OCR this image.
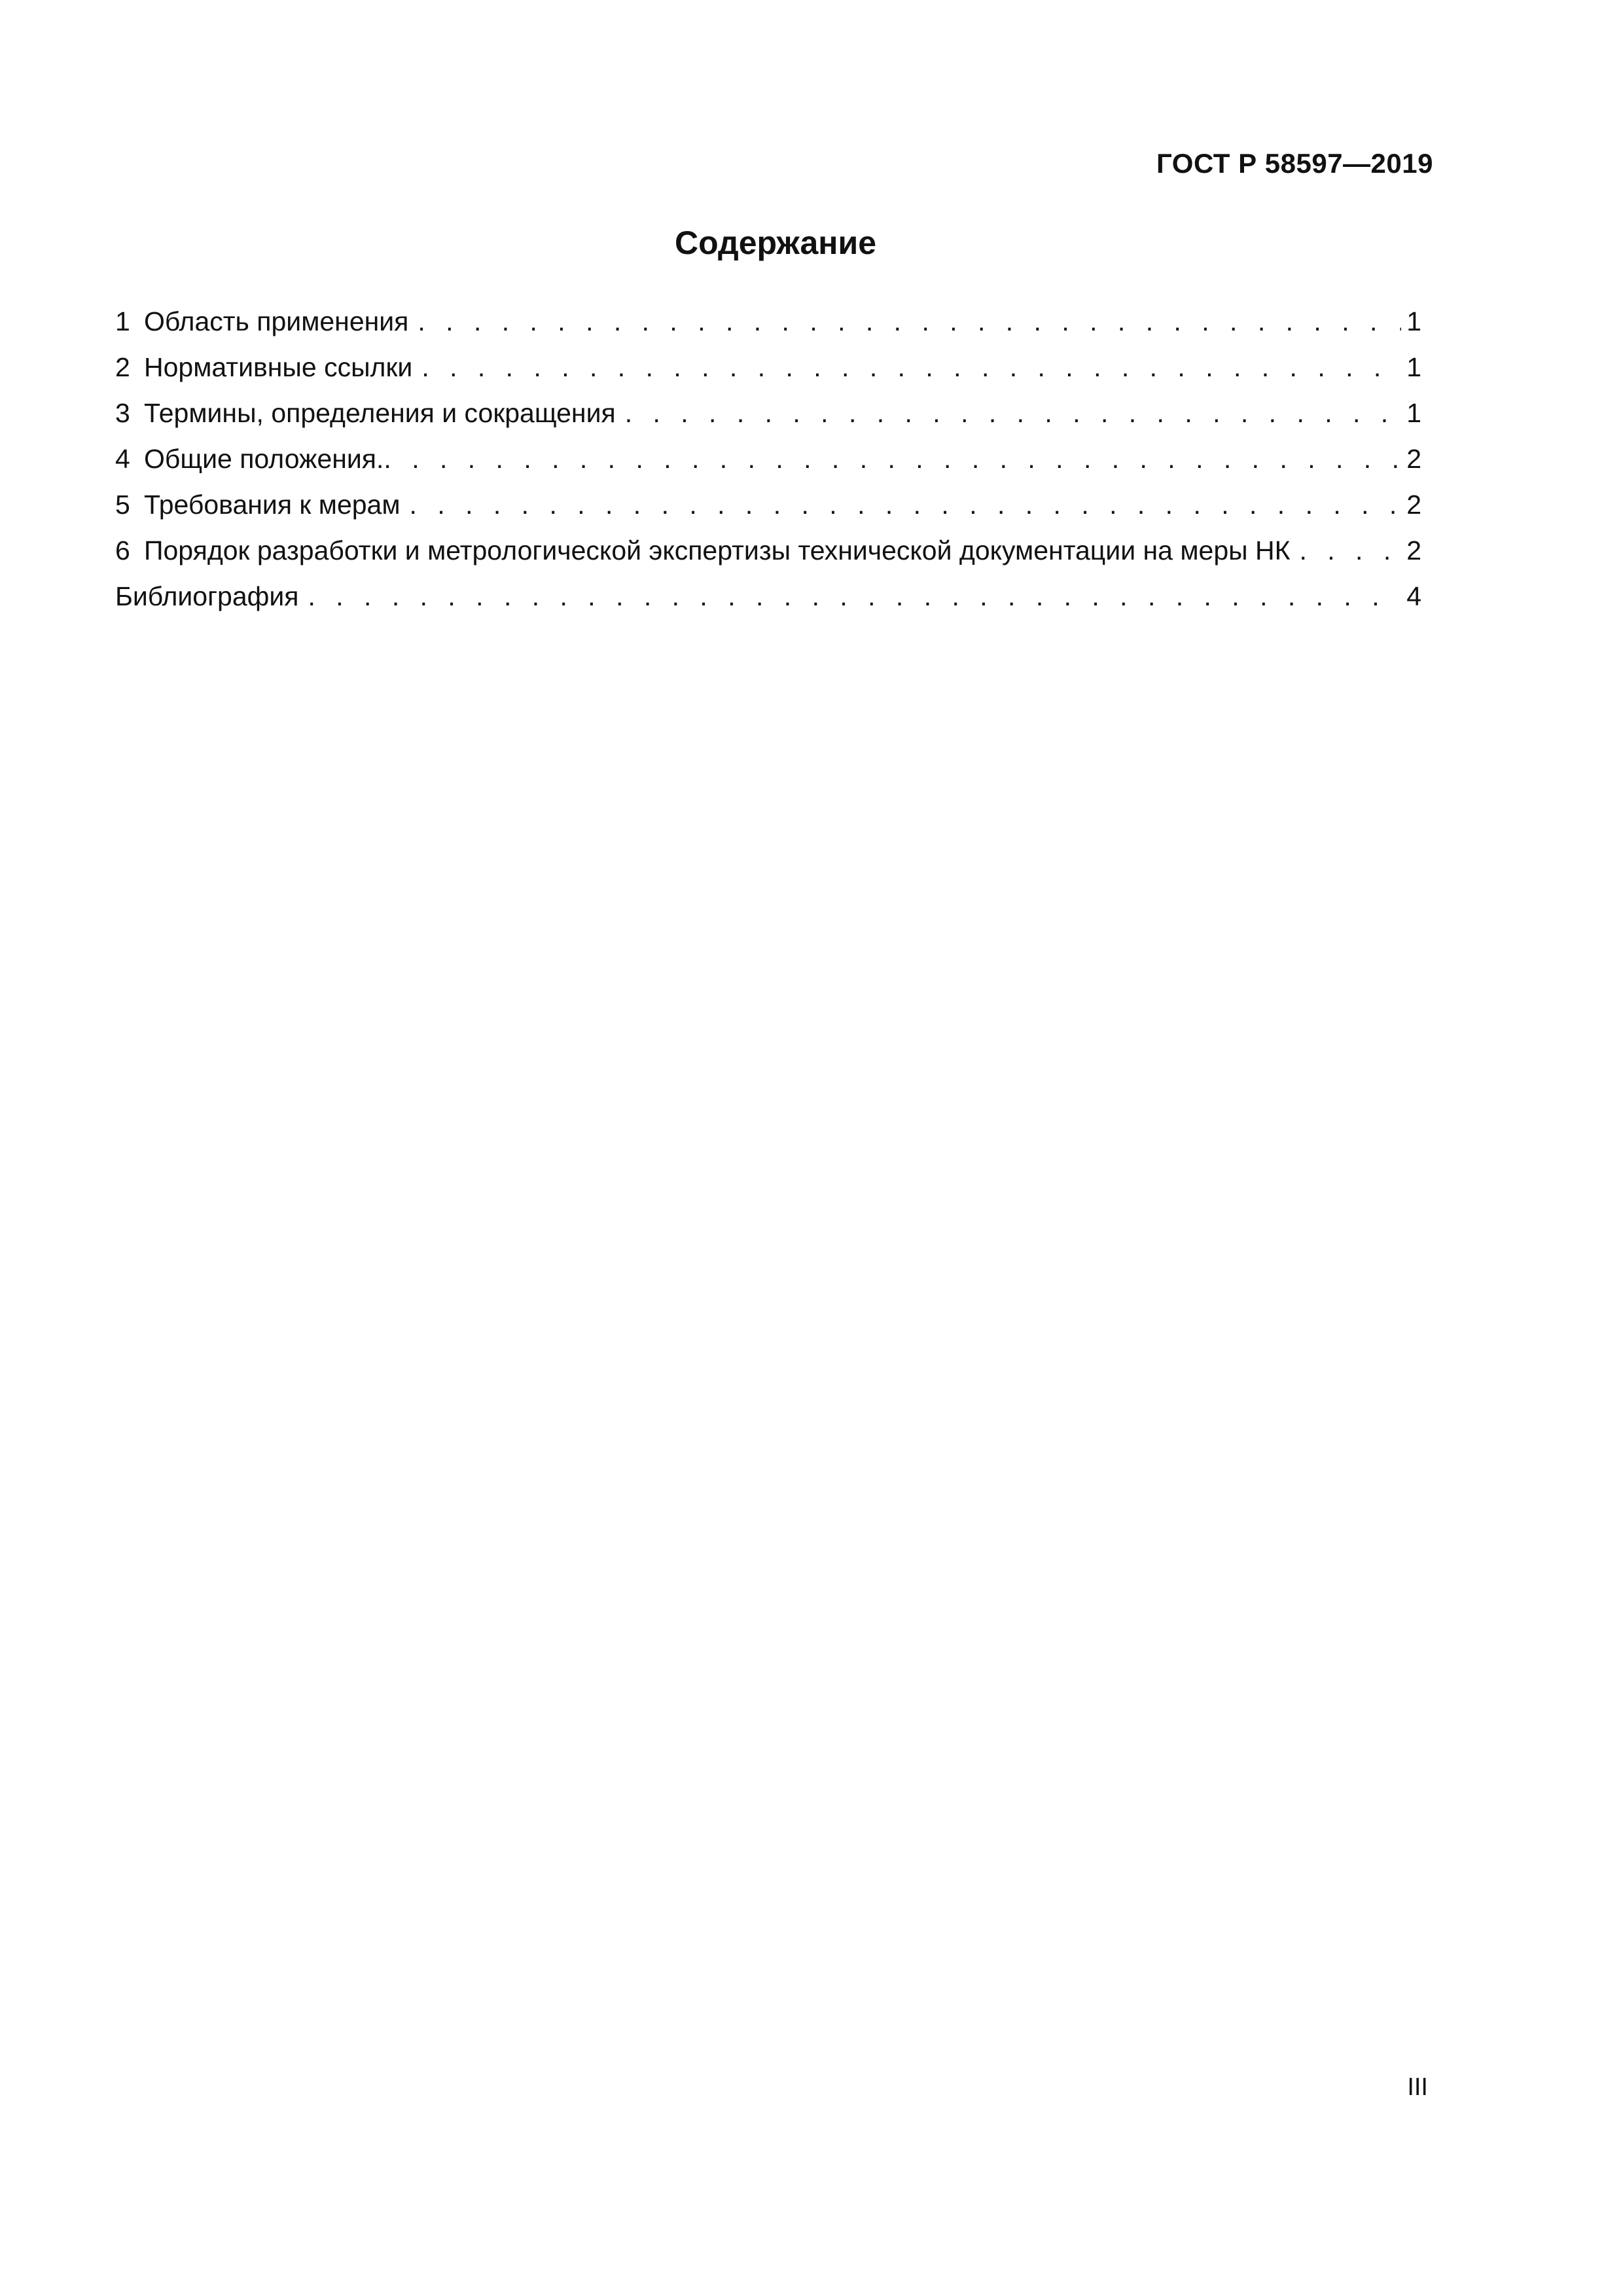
ГОСТ Р 58597—2019
Содержание
1 Область применения . . .	1
2 Нормативные ссылки . . .	1
3 Термины, определения и сокращения . . .	1
4 Общие положения. . . .	2
5 Требования к мерам . . .	2
6 Порядок разработки и метрологической экспертизы технической документации на меры НК . . .	2
Библиография . . .	4
III
